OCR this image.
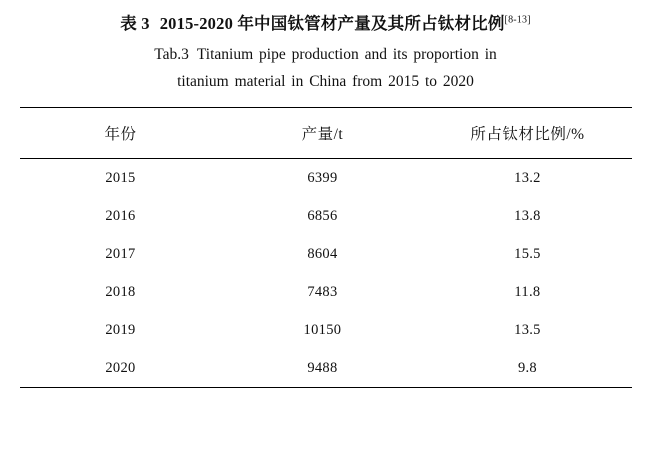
表 3 2015-2020 年中国钛管材产量及其所占钛材比例[8-13]
Tab.3 Titanium pipe production and its proportion in
titanium material in China from 2015 to 2020
年份	产量/t	所占钛材比例/%
2015	6399	13.2
2016	6856	13.8
2017	8604	15.5
2018	7483	11.8
2019	10150	13.5
2020	9488	9.8
